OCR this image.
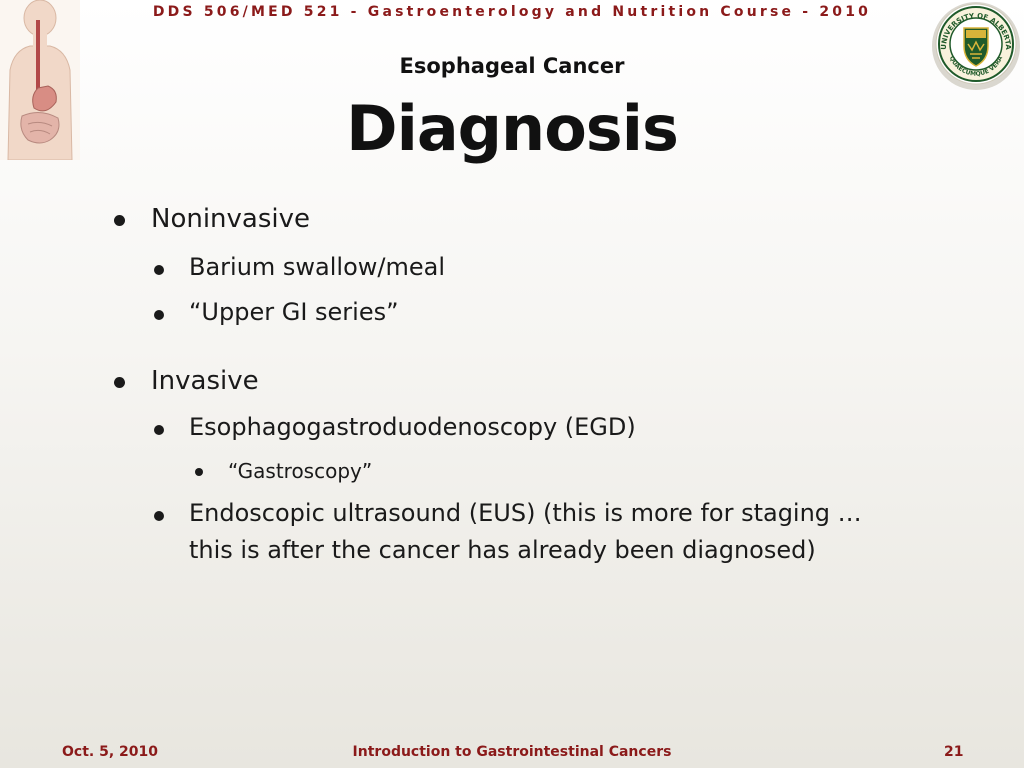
DDS 506/MED 521 - Gastroenterology and Nutrition Course - 2010
UNIVERSITY OF ALBERTA
QUAECUMQUE VERA
Esophageal Cancer
Diagnosis
Noninvasive
Barium swallow/meal
“Upper GI series”
Invasive
Esophagogastroduodenoscopy (EGD)
“Gastroscopy”
Endoscopic ultrasound (EUS) (this is more for staging …
this is after the cancer has already been diagnosed)
Oct. 5, 2010	Introduction to Gastrointestinal Cancers	21
